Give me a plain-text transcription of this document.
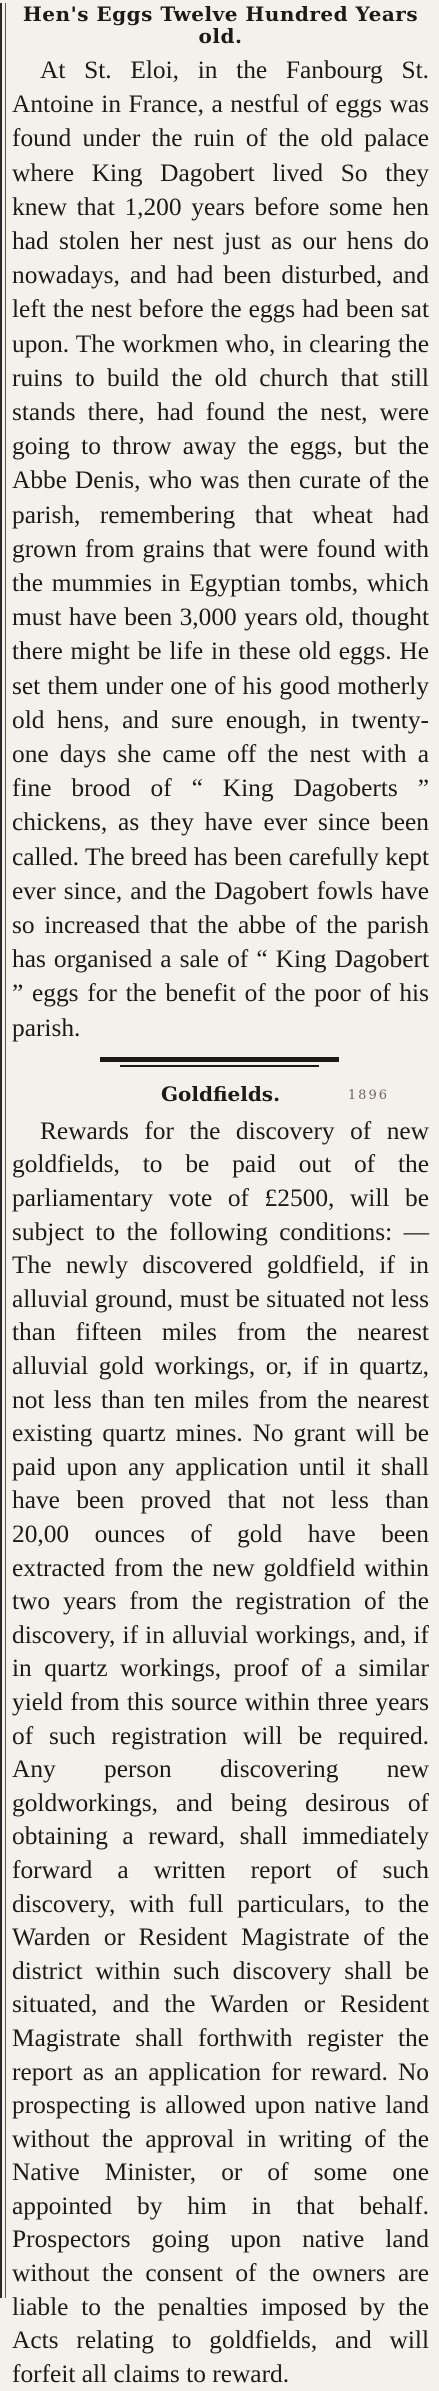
Hen's Eggs Twelve Hundred Years old.

At St. Eloi, in the Fanbourg St. Antoine in France, a nestful of eggs was found under the ruin of the old palace where King Dagobert lived So they knew that 1,200 years before some hen had stolen her nest just as our hens do nowadays, and had been disturbed, and left the nest before the eggs had been sat upon. The workmen who, in clearing the ruins to build the old church that still stands there, had found the nest, were going to throw away the eggs, but the Abbe Denis, who was then curate of the parish, remembering that wheat had grown from grains that were found with the mummies in Egyptian tombs, which must have been 3,000 years old, thought there might be life in these old eggs. He set them under one of his good motherly old hens, and sure enough, in twenty-one days she came off the nest with a fine brood of “ King Dagoberts ” chickens, as they have ever since been called. The breed has been carefully kept ever since, and the Dagobert fowls have so increased that the abbe of the parish has organised a sale of “ King Dagobert ” eggs for the benefit of the poor of his parish.

Goldfields.	1896

Rewards for the discovery of new goldfields, to be paid out of the parliamentary vote of £2500, will be subject to the following conditions: —The newly discovered goldfield, if in alluvial ground, must be situated not less than fifteen miles from the nearest alluvial gold workings, or, if in quartz, not less than ten miles from the nearest existing quartz mines. No grant will be paid upon any application until it shall have been proved that not less than 20,00 ounces of gold have been extracted from the new goldfield within two years from the registration of the discovery, if in alluvial workings, and, if in quartz workings, proof of a similar yield from this source within three years of such registration will be required. Any person discovering new goldworkings, and being desirous of obtaining a reward, shall immediately forward a written report of such discovery, with full particulars, to the Warden or Resident Magistrate of the district within such discovery shall be situated, and the Warden or Resident Magistrate shall forthwith register the report as an application for reward. No prospecting is allowed upon native land without the approval in writing of the Native Minister, or of some one appointed by him in that behalf. Prospectors going upon native land without the consent of the owners are liable to the penalties imposed by the Acts relating to goldfields, and will forfeit all claims to reward.
